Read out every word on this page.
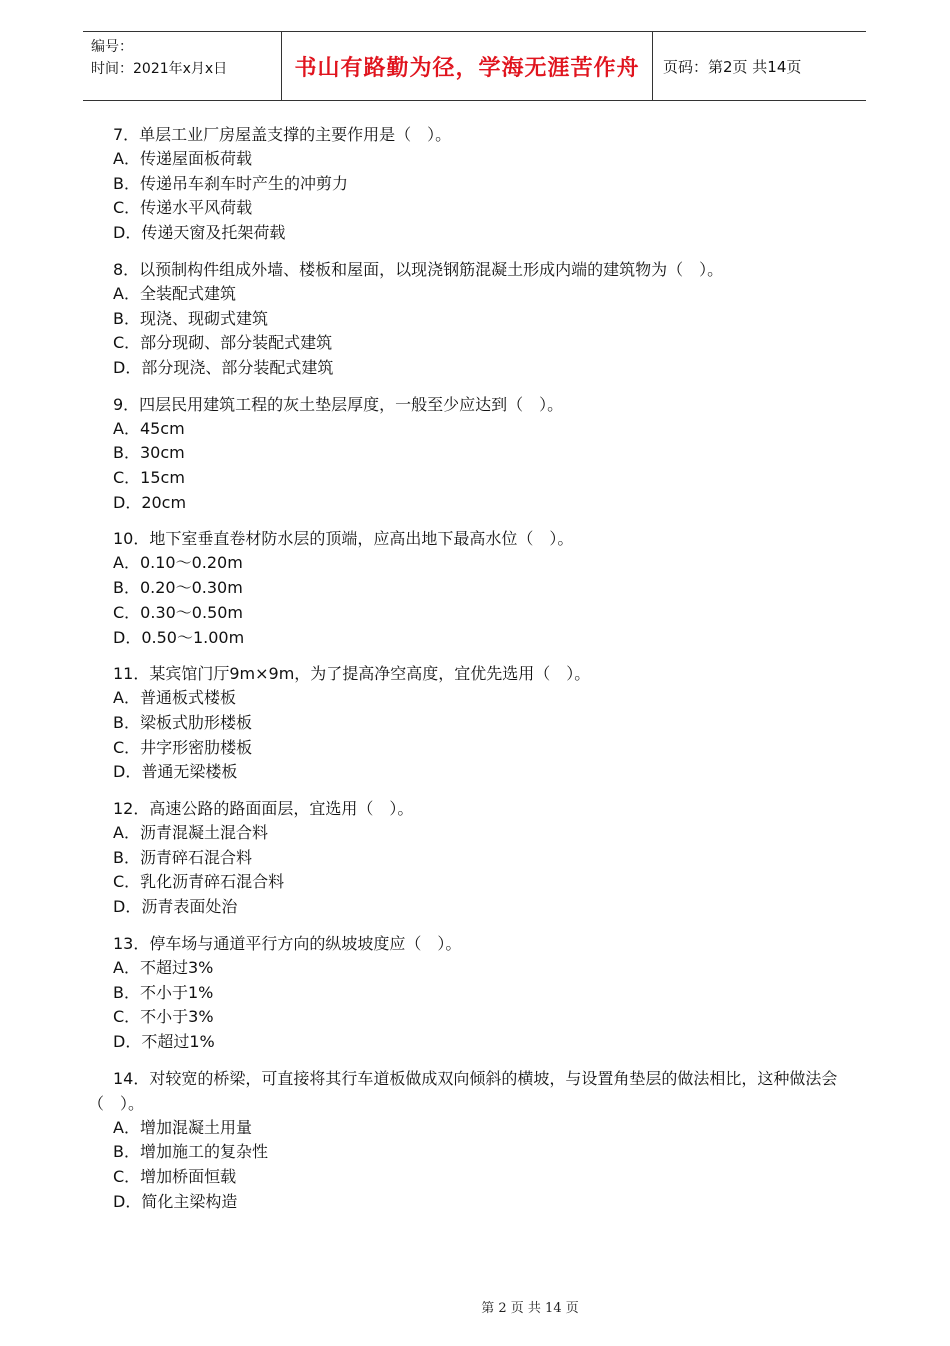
编号：
时间：2021年x月x日	书山有路勤为径，学海无涯苦作舟	页码：第2页 共14页
7．单层工业厂房屋盖支撑的主要作用是（　）。
A．传递屋面板荷载
B．传递吊车刹车时产生的冲剪力
C．传递水平风荷载
D．传递天窗及托架荷载
8．以预制构件组成外墙、楼板和屋面，以现浇钢筋混凝土形成内端的建筑物为（　）。
A．全装配式建筑
B．现浇、现砌式建筑
C．部分现砌、部分装配式建筑
D．部分现浇、部分装配式建筑
9．四层民用建筑工程的灰土垫层厚度，一般至少应达到（　）。
A．45cm
B．30cm
C．15cm
D．20cm
10．地下室垂直卷材防水层的顶端，应高出地下最高水位（　）。
A．0.10～0.20m
B．0.20～0.30m
C．0.30～0.50m
D．0.50～1.00m
11．某宾馆门厅9m×9m，为了提高净空高度，宜优先选用（　）。
A．普通板式楼板
B．梁板式肋形楼板
C．井字形密肋楼板
D．普通无梁楼板
12．高速公路的路面面层，宜选用（　）。
A．沥青混凝土混合料
B．沥青碎石混合料
C．乳化沥青碎石混合料
D．沥青表面处治
13．停车场与通道平行方向的纵坡坡度应（　）。
A．不超过3%
B．不小于1%
C．不小于3%
D．不超过1%
14．对较宽的桥梁，可直接将其行车道板做成双向倾斜的横坡，与设置角垫层的做法相比，这种做法会（　）。
A．增加混凝土用量
B．增加施工的复杂性
C．增加桥面恒载
D．简化主梁构造
第 2 页 共 14 页
